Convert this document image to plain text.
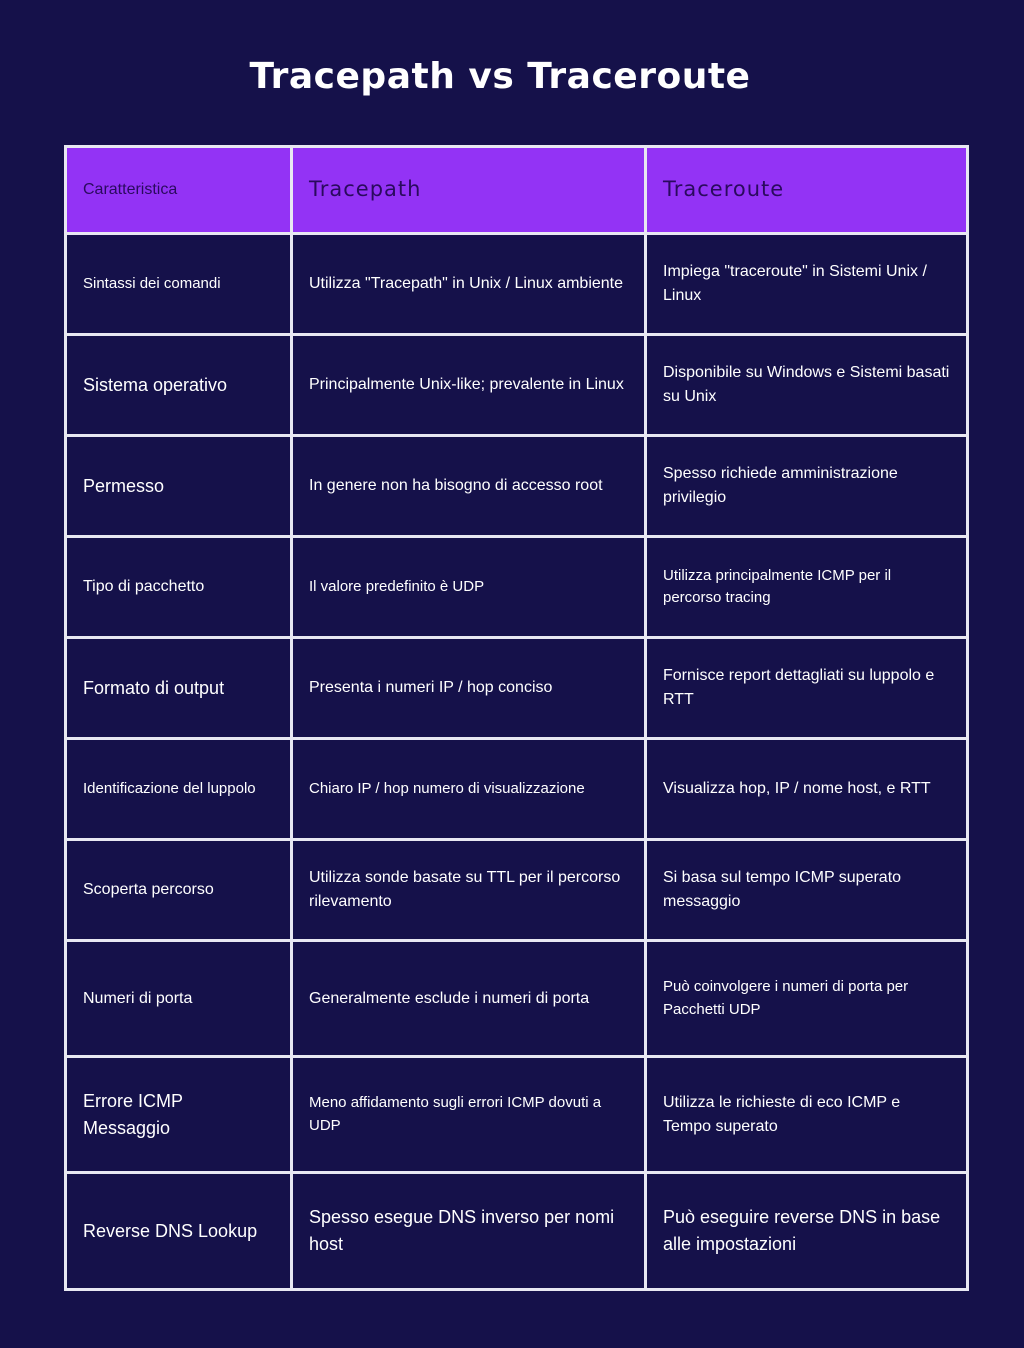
Tracepath vs Traceroute
Caratteristica	Tracepath	Traceroute
Sintassi dei comandi	Utilizza "Tracepath" in Unix / Linux ambiente	Impiega "traceroute" in Sistemi Unix / Linux
Sistema operativo	Principalmente Unix-like; prevalente in Linux	Disponibile su Windows e Sistemi basati su Unix
Permesso	In genere non ha bisogno di accesso root	Spesso richiede amministrazione privilegio
Tipo di pacchetto	Il valore predefinito è UDP	Utilizza principalmente ICMP per il percorso tracing
Formato di output	Presenta i numeri IP / hop conciso	Fornisce report dettagliati su luppolo e RTT
Identificazione del luppolo	Chiaro IP / hop numero di visualizzazione	Visualizza hop, IP / nome host, e RTT
Scoperta percorso	Utilizza sonde basate su TTL per il percorso rilevamento	Si basa sul tempo ICMP superato messaggio
Numeri di porta	Generalmente esclude i numeri di porta	Può coinvolgere i numeri di porta per Pacchetti UDP
Errore ICMP Messaggio	Meno affidamento sugli errori ICMP dovuti a UDP	Utilizza le richieste di eco ICMP e Tempo superato
Reverse DNS Lookup	Spesso esegue DNS inverso per nomi host	Può eseguire reverse DNS in base alle impostazioni
